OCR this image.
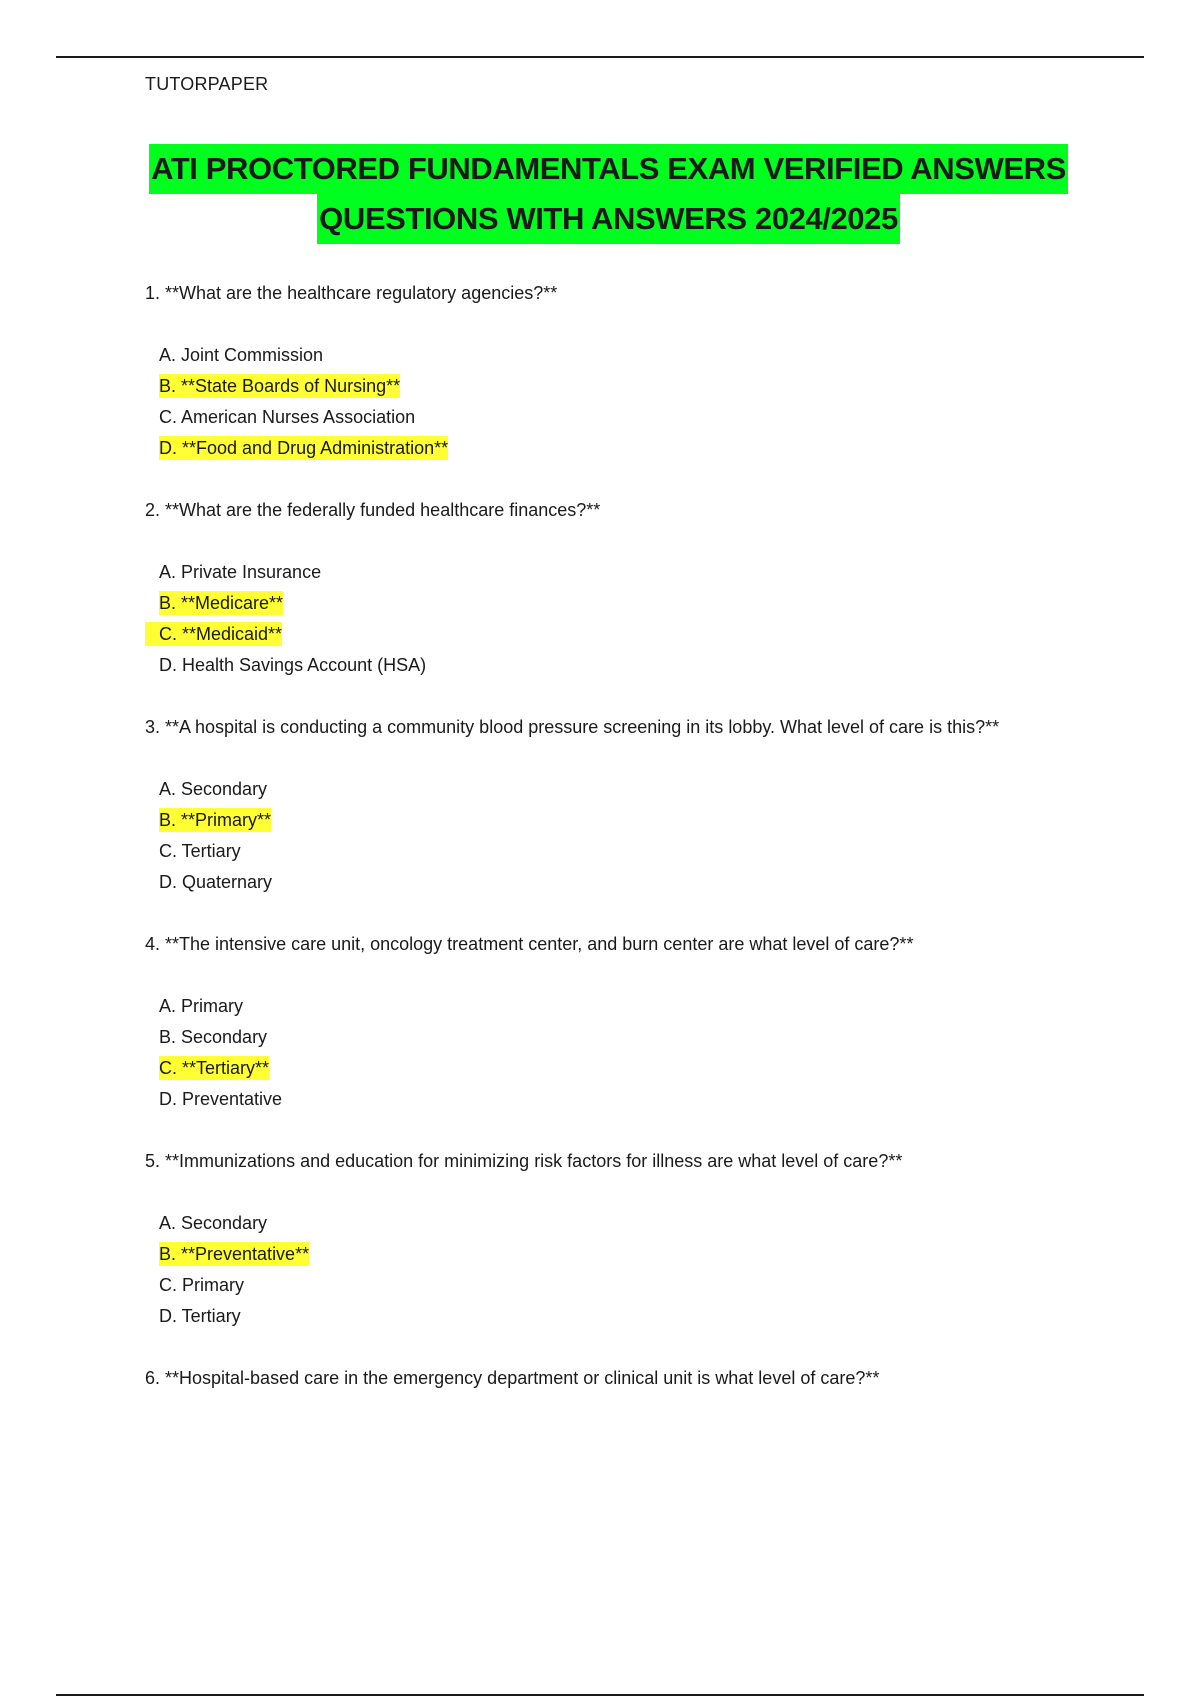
TUTORPAPER
ATI PROCTORED FUNDAMENTALS EXAM VERIFIED ANSWERS
QUESTIONS WITH ANSWERS 2024/2025

1. **What are the healthcare regulatory agencies?**

A. Joint Commission
B. **State Boards of Nursing**
C. American Nurses Association
D. **Food and Drug Administration**

2. **What are the federally funded healthcare finances?**

A. Private Insurance
B. **Medicare**
C. **Medicaid**
D. Health Savings Account (HSA)

3. **A hospital is conducting a community blood pressure screening in its lobby. What level of care is this?**

A. Secondary
B. **Primary**
C. Tertiary
D. Quaternary

4. **The intensive care unit, oncology treatment center, and burn center are what level of care?**

A. Primary
B. Secondary
C. **Tertiary**
D. Preventative

5. **Immunizations and education for minimizing risk factors for illness are what level of care?**

A. Secondary
B. **Preventative**
C. Primary
D. Tertiary

6. **Hospital-based care in the emergency department or clinical unit is what level of care?**
